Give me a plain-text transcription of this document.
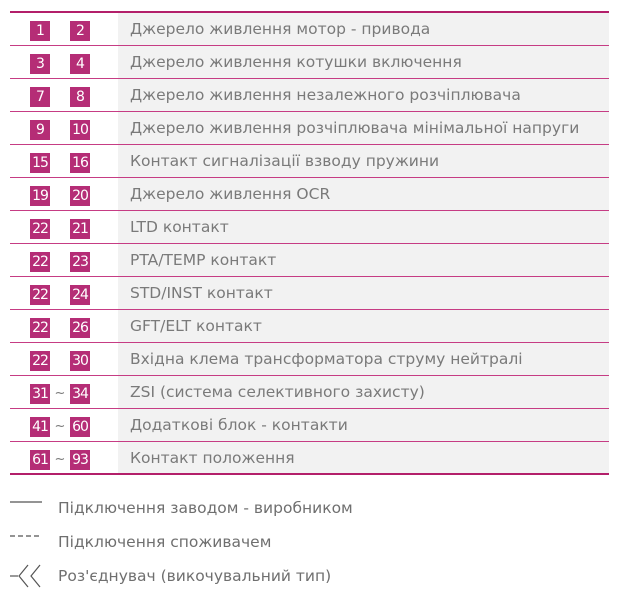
1	2	Джерело живлення мотор - привода
3	4	Джерело живлення котушки включення
7	8	Джерело живлення незалежного розчіплювача
9	10	Джерело живлення розчіплювача мінімальної напруги
15 16	Контакт сигналізації взводу пружини
19 20	Джерело живлення OCR
22 21	LTD контакт
22 23	PTA/TEMP контакт
22 24	STD/INST контакт
22 26	GFT/ELT контакт
22 30	Вхідна клема трансформатора струму нейтралі
31 ~ 34	ZSI (система селективного захисту)
41 ~ 60	Додаткові блок - контакти
61 ~ 93	Контакт положення
Підключення заводом - виробником
Підключення споживачем
Роз'єднувач (викочувальний тип)
